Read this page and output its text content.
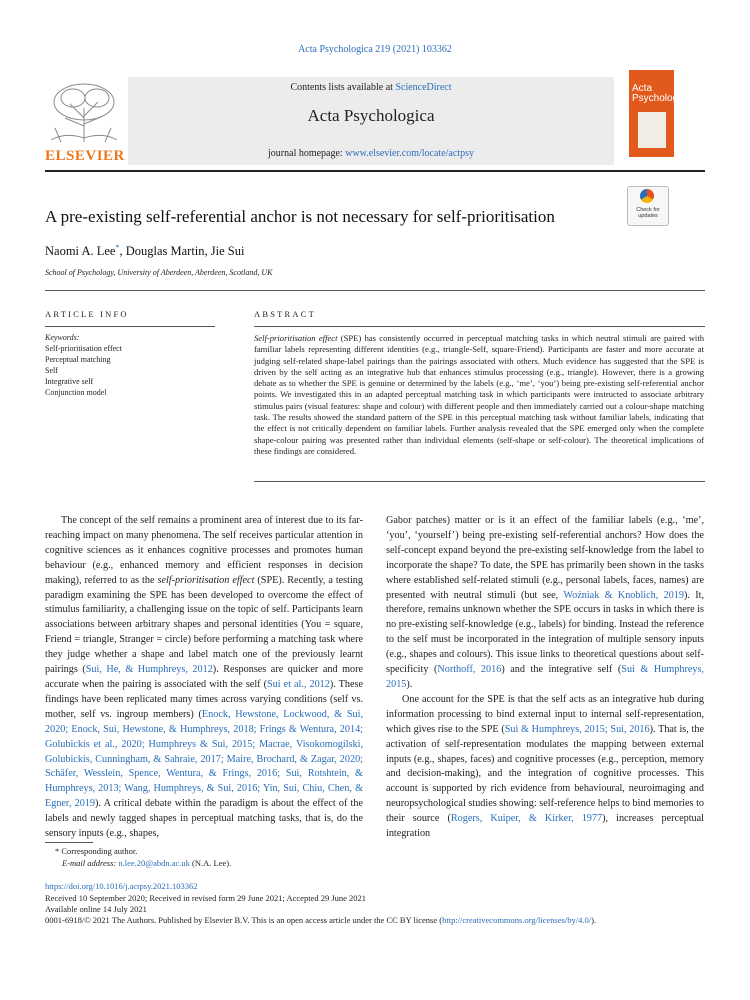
Acta Psychologica 219 (2021) 103362
ELSEVIER
Contents lists available at ScienceDirect
Acta Psychologica
journal homepage: www.elsevier.com/locate/actpsy
Acta
Psychologica
A pre-existing self-referential anchor is not necessary for self-prioritisation	Check for
updates
Naomi A. Lee*, Douglas Martin, Jie Sui
School of Psychology, University of Aberdeen, Aberdeen, Scotland, UK
ARTICLE INFO
Keywords:
Self-prioritisation effect
Perceptual matching
Self
Integrative self
Conjunction model
ABSTRACT
Self-prioritisation effect (SPE) has consistently occurred in perceptual matching tasks in which neutral stimuli are paired with familiar labels representing different identities (e.g., triangle-Self, square-Friend). Participants are faster and more accurate at judging self-related shape-label pairings than the pairings associated with others. Much evidence has suggested that the SPE is driven by the self acting as an integrative hub that enhances stimulus processing (e.g., triangle). However, there is a growing debate as to whether the SPE is genuine or determined by the labels (e.g., ‘me’, ‘you’) being pre-existing self-referential anchor points. We investigated this in an adapted perceptual matching task in which participants were instructed to associate arbitrary stimulus pairs (visual features: shape and colour) with different people and then immediately carried out a colour-shape matching task. The results showed the standard pattern of the SPE in this perceptual matching task without familiar labels, indicating that the effect is not critically dependent on familiar labels. Further analysis revealed that the SPE emerged only when the complete shape-colour pairing was presented rather than individual elements (self-shape or self-colour). The theoretical implications of these findings are considered.

The concept of the self remains a prominent area of interest due to its far-reaching impact on many phenomena. The self receives particular attention in cognitive sciences as it enhances cognitive processes and promotes human behaviour (e.g., enhanced memory and efficient responses in decision making), referred to as the self-prioritisation effect (SPE). Recently, a testing paradigm examining the SPE has been developed to overcome the effect of stimulus familiarity, a challenging issue on the topic of self. Participants learn associations between arbitrary shapes and personal identities (You = square, Friend = triangle, Stranger = circle) before performing a matching task where they judge whether a shape and label match one of the previously learnt pairings (Sui, He, & Humphreys, 2012). Responses are quicker and more accurate when the pairing is associated with the self (Sui et al., 2012). These findings have been replicated many times across varying conditions (self vs. mother, self vs. ingroup members) (Enock, Hewstone, Lockwood, & Sui, 2020; Enock, Sui, Hewstone, & Humphreys, 2018; Frings & Wentura, 2014; Golubickis et al., 2020; Humphreys & Sui, 2015; Macrae, Visokomogilski, Golubickis, Cunningham, & Sahraie, 2017; Maire, Brochard, & Zagar, 2020; Schäfer, Wesslein, Spence, Wentura, & Frings, 2016; Sui, Rotshtein, & Humphreys, 2013; Wang, Humphreys, & Sui, 2016; Yin, Sui, Chiu, Chen, & Egner, 2019). A critical debate within the paradigm is about the effect of the labels and newly tagged shapes in perceptual matching tasks, that is, do the sensory inputs (e.g., shapes,

Gabor patches) matter or is it an effect of the familiar labels (e.g., ‘me’, ‘you’, ‘yourself’) being pre-existing self-referential anchors? How does the self-concept expand beyond the pre-existing self-knowledge from the label to incorporate the shape? To date, the SPE has primarily been shown in the tasks where established self-related stimuli (e.g., personal labels, faces, names) are presented with neutral stimuli (but see, Woźniak & Knoblich, 2019). It, therefore, remains unknown whether the SPE occurs in tasks in which there is no pre-existing self-knowledge (e.g., labels) for binding. Instead the reference to the self must be incorporated in the integration of multiple sensory inputs (e.g., shapes and colours). This issue links to theoretical questions about self-specificity (Northoff, 2016) and the integrative self (Sui & Humphreys, 2015).

One account for the SPE is that the self acts as an integrative hub during information processing to bind external input to internal self-representation, which gives rise to the SPE (Sui & Humphreys, 2015; Sui, 2016). That is, the activation of self-representation modulates the mapping between external inputs (e.g., shapes, faces) and cognitive processes (e.g., perception, memory and decision-making), and the integration of cognitive processes. This account is supported by rich evidence from behavioural, neuroimaging and neuropsychological studies showing: self-reference helps to bind memories to their source (Rogers, Kuiper, & Kirker, 1977), increases perceptual integration

* Corresponding author.
E-mail address: n.lee.20@abdn.ac.uk (N.A. Lee).
https://doi.org/10.1016/j.actpsy.2021.103362
Received 10 September 2020; Received in revised form 29 June 2021; Accepted 29 June 2021
Available online 14 July 2021
0001-6918/© 2021 The Authors. Published by Elsevier B.V. This is an open access article under the CC BY license (http://creativecommons.org/licenses/by/4.0/).
